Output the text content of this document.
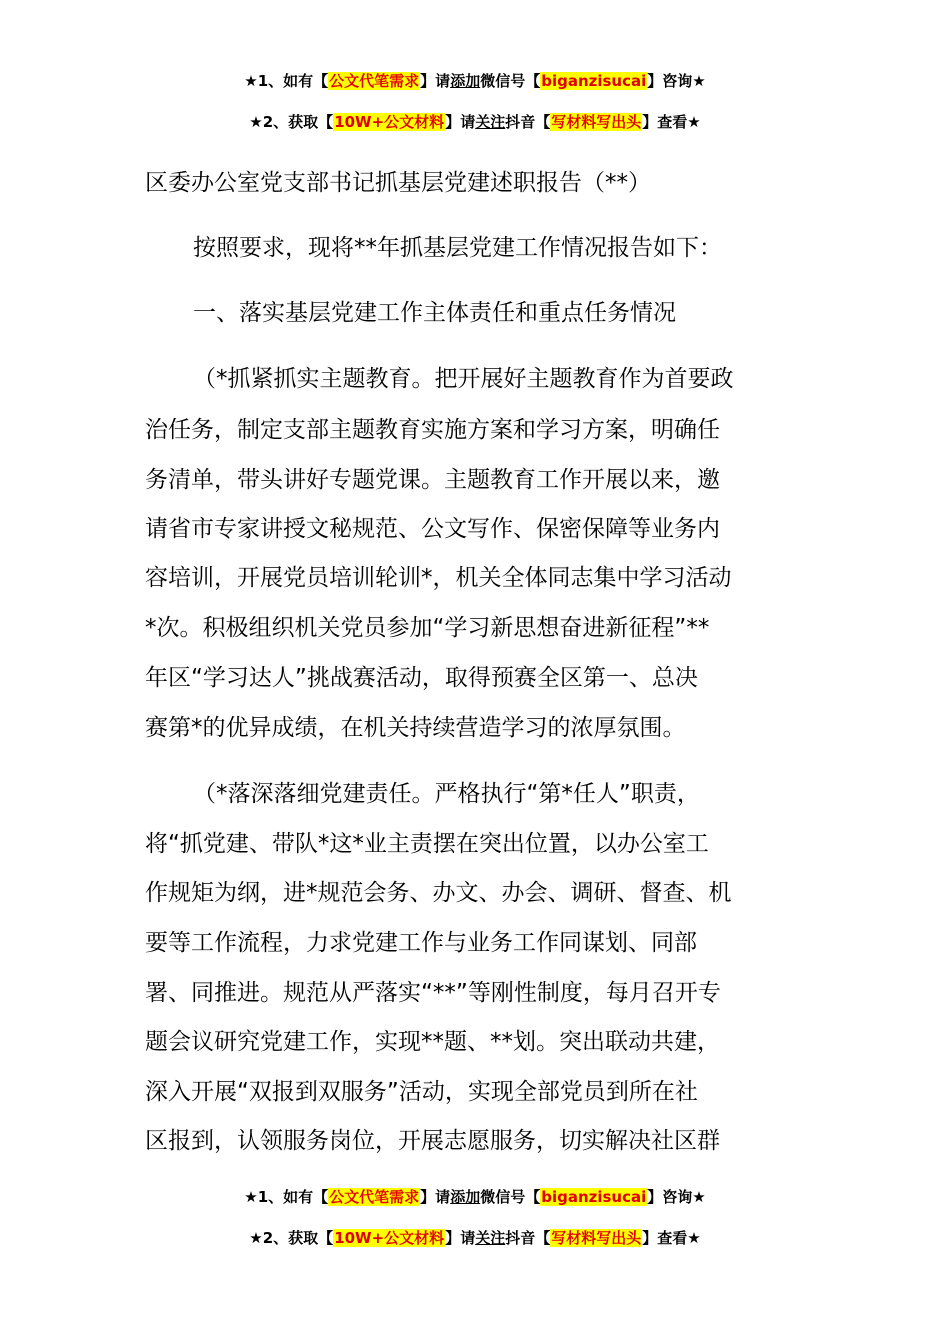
★1、如有【公文代笔需求】请添加微信号【biganzisucai】咨询★
★2、获取【10W+公文材料】请关注抖音【写材料写出头】查看★
区委办公室党支部书记抓基层党建述职报告（**）
按照要求，现将**年抓基层党建工作情况报告如下：
一、落实基层党建工作主体责任和重点任务情况
（*抓紧抓实主题教育。把开展好主题教育作为首要政
治任务，制定支部主题教育实施方案和学习方案，明确任
务清单，带头讲好专题党课。主题教育工作开展以来，邀
请省市专家讲授文秘规范、公文写作、保密保障等业务内
容培训，开展党员培训轮训*，机关全体同志集中学习活动
*次。积极组织机关党员参加“学习新思想奋进新征程”**
年区“学习达人”挑战赛活动，取得预赛全区第一、总决
赛第*的优异成绩，在机关持续营造学习的浓厚氛围。
（*落深落细党建责任。严格执行“第*任人”职责，
将“抓党建、带队*这*业主责摆在突出位置，以办公室工
作规矩为纲，进*规范会务、办文、办会、调研、督查、机
要等工作流程，力求党建工作与业务工作同谋划、同部
署、同推进。规范从严落实“**”等刚性制度，每月召开专
题会议研究党建工作，实现**题、**划。突出联动共建，
深入开展“双报到双服务”活动，实现全部党员到所在社
区报到，认领服务岗位，开展志愿服务，切实解决社区群
★1、如有【公文代笔需求】请添加微信号【biganzisucai】咨询★
★2、获取【10W+公文材料】请关注抖音【写材料写出头】查看★
